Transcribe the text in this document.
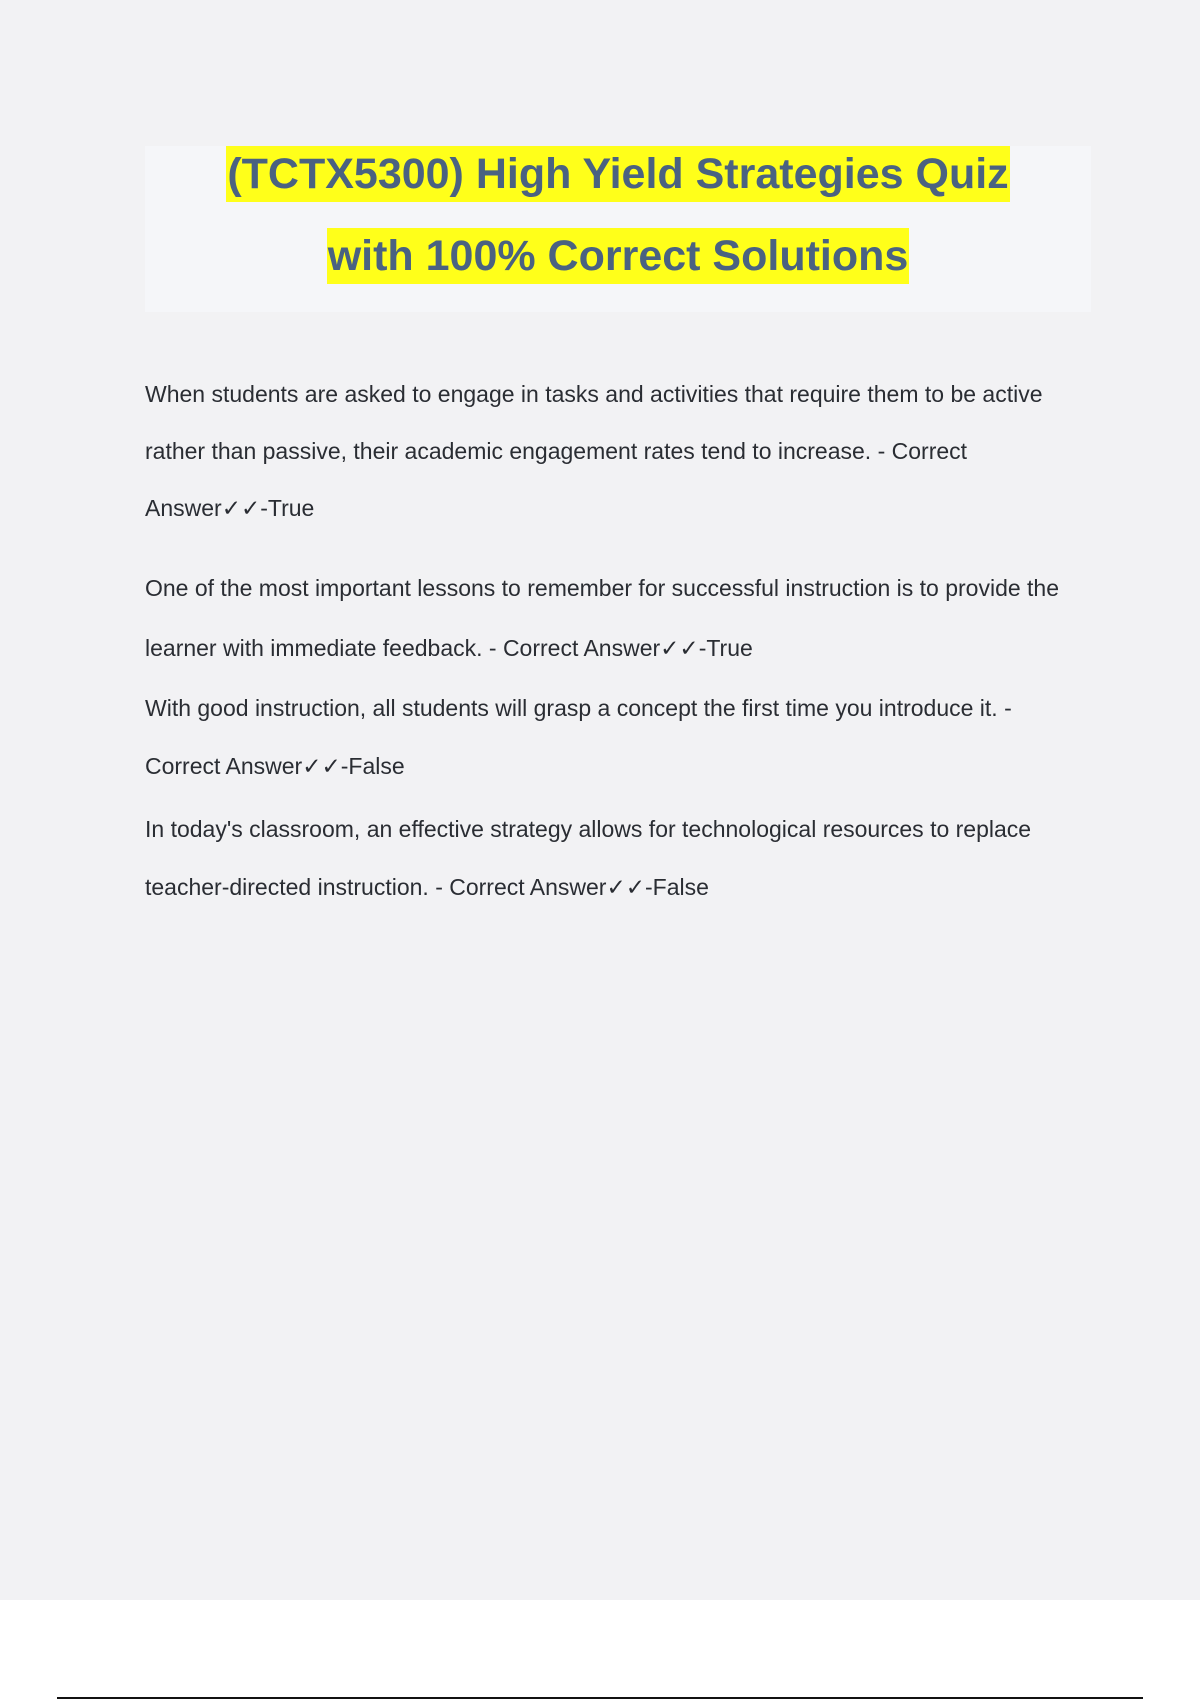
(TCTX5300) High Yield Strategies Quiz
with 100% Correct Solutions

When students are asked to engage in tasks and activities that require them to be active rather than passive, their academic engagement rates tend to increase. - Correct Answer✓✓-True

One of the most important lessons to remember for successful instruction is to provide the learner with immediate feedback. - Correct Answer✓✓-True

With good instruction, all students will grasp a concept the first time you introduce it. - Correct Answer✓✓-False

In today's classroom, an effective strategy allows for technological resources to replace teacher-directed instruction. - Correct Answer✓✓-False
